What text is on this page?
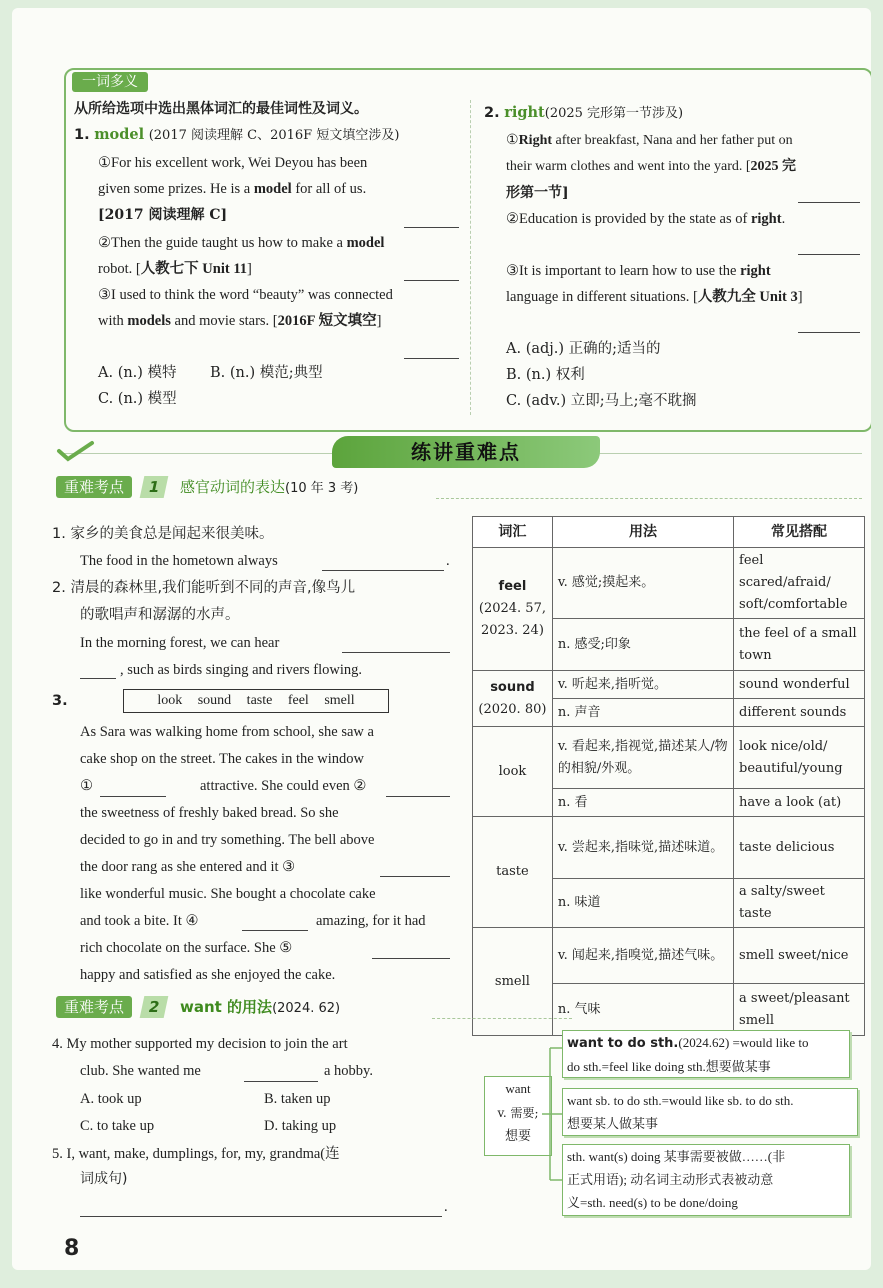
一词多义
从所给选项中选出黑体词汇的最佳词性及词义。
1. model (2017 阅读理解 C、2016F 短文填空涉及)
①For his excellent work, Wei Deyou has been
given some prizes. He is a model for all of us.
[2017 阅读理解 C]
②Then the guide taught us how to make a model
robot. [人教七下 Unit 11]
③I used to think the word “beauty” was connected
with models and movie stars. [2016F 短文填空]
A. (n.) 模特 B. (n.) 模范;典型
C. (n.) 模型
2. right(2025 完形第一节涉及)
①Right after breakfast, Nana and her father put on
their warm clothes and went into the yard. [2025 完
形第一节]
②Education is provided by the state as of right.
③It is important to learn how to use the right
language in different situations. [人教九全 Unit 3]
A. (adj.) 正确的;适当的
B. (n.) 权利
C. (adv.) 立即;马上;毫不耽搁
练讲重难点
重难考点	1	感官动词的表达(10 年 3 考)
1. 家乡的美食总是闻起来很美味。
The food in the hometown always	.
2. 清晨的森林里,我们能听到不同的声音,像鸟儿
的歌唱声和潺潺的水声。
In the morning forest, we can hear
, such as birds singing and rivers flowing.
3.	look sound taste feel smell
As Sara was walking home from school, she saw a
cake shop on the street. The cakes in the window
①	attractive. She could even ②
the sweetness of freshly baked bread. So she
decided to go in and try something. The bell above
the door rang as she entered and it ③
like wonderful music. She bought a chocolate cake
and took a bite. It ④	amazing, for it had
rich chocolate on the surface. She ⑤
happy and satisfied as she enjoyed the cake.
词汇	用法	常见搭配
feel
(2024. 57,
2023. 24)	v. 感觉;摸起来。	feel scared/afraid/ soft/comfortable
	n. 感受;印象	the feel of a small town
sound
(2020. 80)	v. 听起来,指听觉。	sound wonderful
	n. 声音	different sounds
look	v. 看起来,指视觉,描述某人/物的相貌/外观。	look nice/old/ beautiful/young
	n. 看	have a look (at)
taste	v. 尝起来,指味觉,描述味道。	taste delicious
	n. 味道	a salty/sweet taste
smell	v. 闻起来,指嗅觉,描述气味。	smell sweet/nice
	n. 气味	a sweet/pleasant smell
重难考点	2	want 的用法(2024. 62)
4. My mother supported my decision to join the art
club. She wanted me	a hobby.
A. took up	B. taken up
C. to take up	D. taking up
5. I, want, make, dumplings, for, my, grandma(连
词成句)
.
want
v. 需要;
想要
want to do sth.(2024.62) =would like to
do sth.=feel like doing sth.想要做某事
want sb. to do sth.=would like sb. to do sth.
想要某人做某事
sth. want(s) doing 某事需要被做……(非
正式用语); 动名词主动形式表被动意
义=sth. need(s) to be done/doing
8
